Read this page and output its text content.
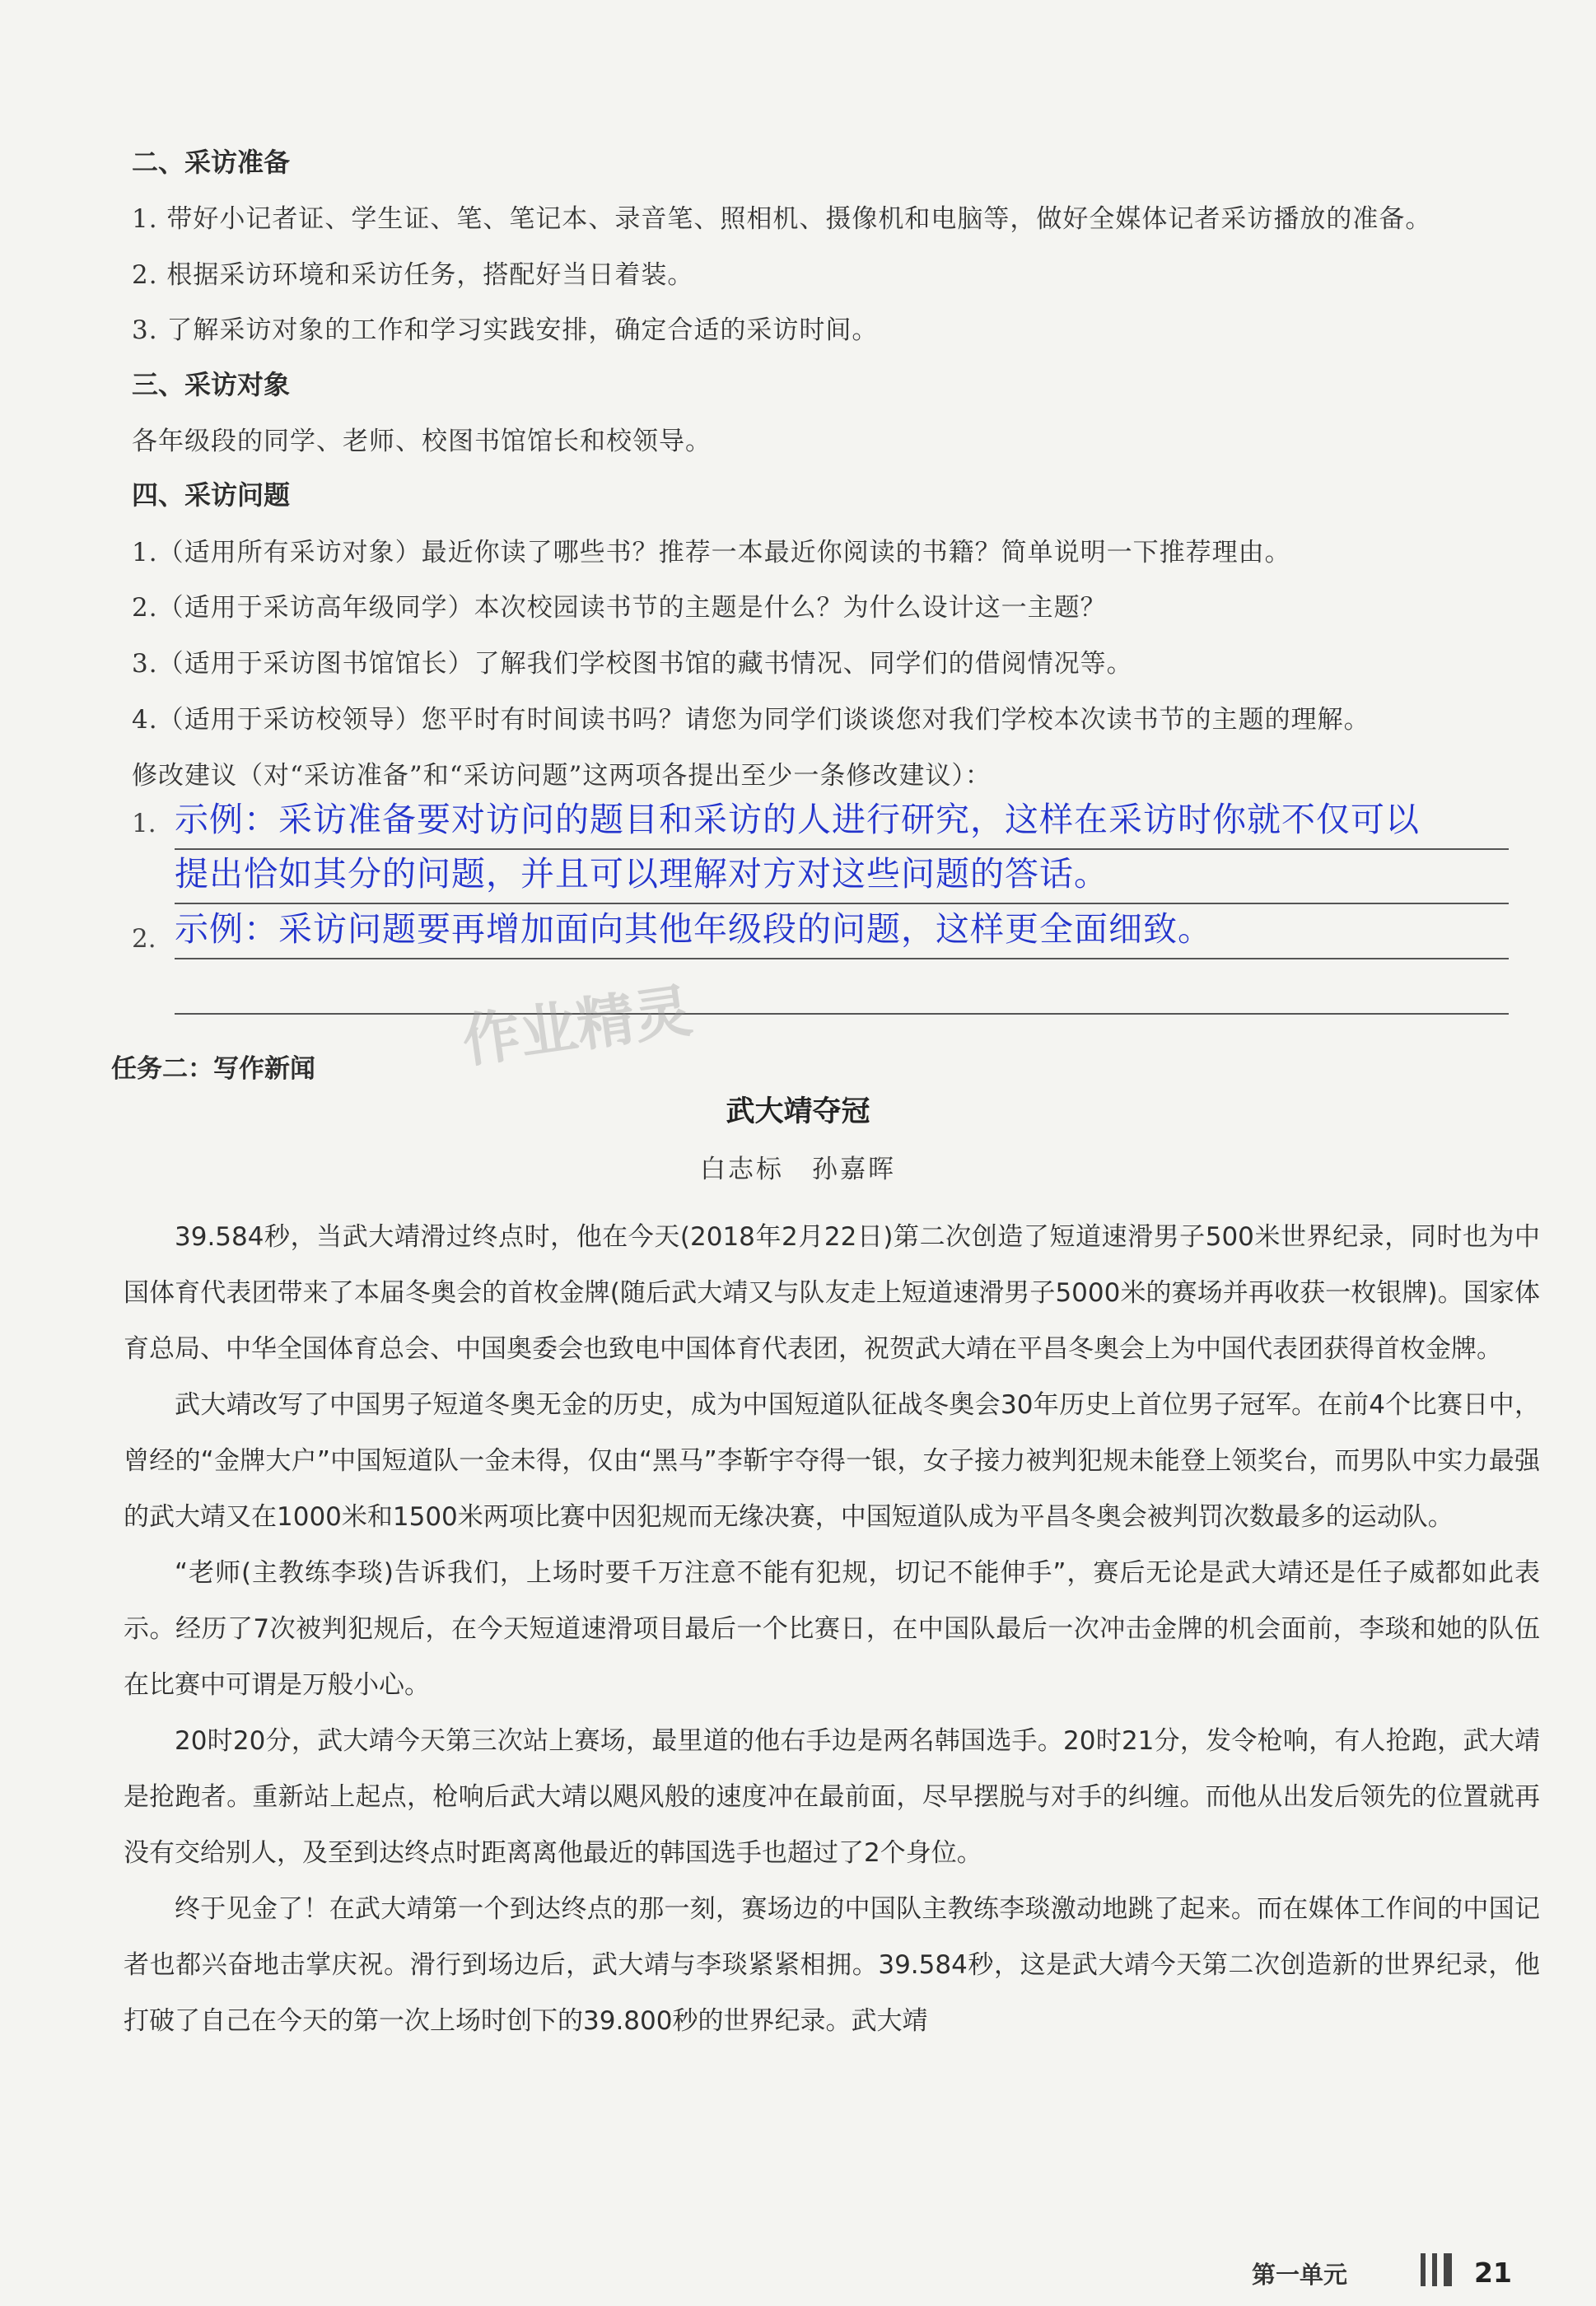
二、采访准备
1. 带好小记者证、学生证、笔、笔记本、录音笔、照相机、摄像机和电脑等，做好全媒体记者采访播放的准备。
2. 根据采访环境和采访任务，搭配好当日着装。
3. 了解采访对象的工作和学习实践安排，确定合适的采访时间。
三、采访对象
各年级段的同学、老师、校图书馆馆长和校领导。
四、采访问题
1.（适用所有采访对象）最近你读了哪些书？推荐一本最近你阅读的书籍？简单说明一下推荐理由。
2.（适用于采访高年级同学）本次校园读书节的主题是什么？为什么设计这一主题？
3.（适用于采访图书馆馆长）了解我们学校图书馆的藏书情况、同学们的借阅情况等。
4.（适用于采访校领导）您平时有时间读书吗？请您为同学们谈谈您对我们学校本次读书节的主题的理解。
修改建议（对“采访准备”和“采访问题”这两项各提出至少一条修改建议）：
1. 示例：采访准备要对访问的题目和采访的人进行研究，这样在采访时你就不仅可以
提出恰如其分的问题，并且可以理解对方对这些问题的答话。
2. 示例：采访问题要再增加面向其他年级段的问题，这样更全面细致。
任务二：写作新闻
武大靖夺冠
白志标　孙嘉晖

39.584秒，当武大靖滑过终点时，他在今天(2018年2月22日)第二次创造了短道速滑男子500米世界纪录，同时也为中国体育代表团带来了本届冬奥会的首枚金牌(随后武大靖又与队友走上短道速滑男子5000米的赛场并再收获一枚银牌)。国家体育总局、中华全国体育总会、中国奥委会也致电中国体育代表团，祝贺武大靖在平昌冬奥会上为中国代表团获得首枚金牌。

武大靖改写了中国男子短道冬奥无金的历史，成为中国短道队征战冬奥会30年历史上首位男子冠军。在前4个比赛日中，曾经的“金牌大户”中国短道队一金未得，仅由“黑马”李靳宇夺得一银，女子接力被判犯规未能登上领奖台，而男队中实力最强的武大靖又在1000米和1500米两项比赛中因犯规而无缘决赛，中国短道队成为平昌冬奥会被判罚次数最多的运动队。

“老师(主教练李琰)告诉我们，上场时要千万注意不能有犯规，切记不能伸手”，赛后无论是武大靖还是任子威都如此表示。经历了7次被判犯规后，在今天短道速滑项目最后一个比赛日，在中国队最后一次冲击金牌的机会面前，李琰和她的队伍在比赛中可谓是万般小心。

20时20分，武大靖今天第三次站上赛场，最里道的他右手边是两名韩国选手。20时21分，发令枪响，有人抢跑，武大靖是抢跑者。重新站上起点，枪响后武大靖以飓风般的速度冲在最前面，尽早摆脱与对手的纠缠。而他从出发后领先的位置就再没有交给别人，及至到达终点时距离离他最近的韩国选手也超过了2个身位。

终于见金了！在武大靖第一个到达终点的那一刻，赛场边的中国队主教练李琰激动地跳了起来。而在媒体工作间的中国记者也都兴奋地击掌庆祝。滑行到场边后，武大靖与李琰紧紧相拥。39.584秒，这是武大靖今天第二次创造新的世界纪录，他打破了自己在今天的第一次上场时创下的39.800秒的世界纪录。武大靖

第一单元	21
作业精灵
